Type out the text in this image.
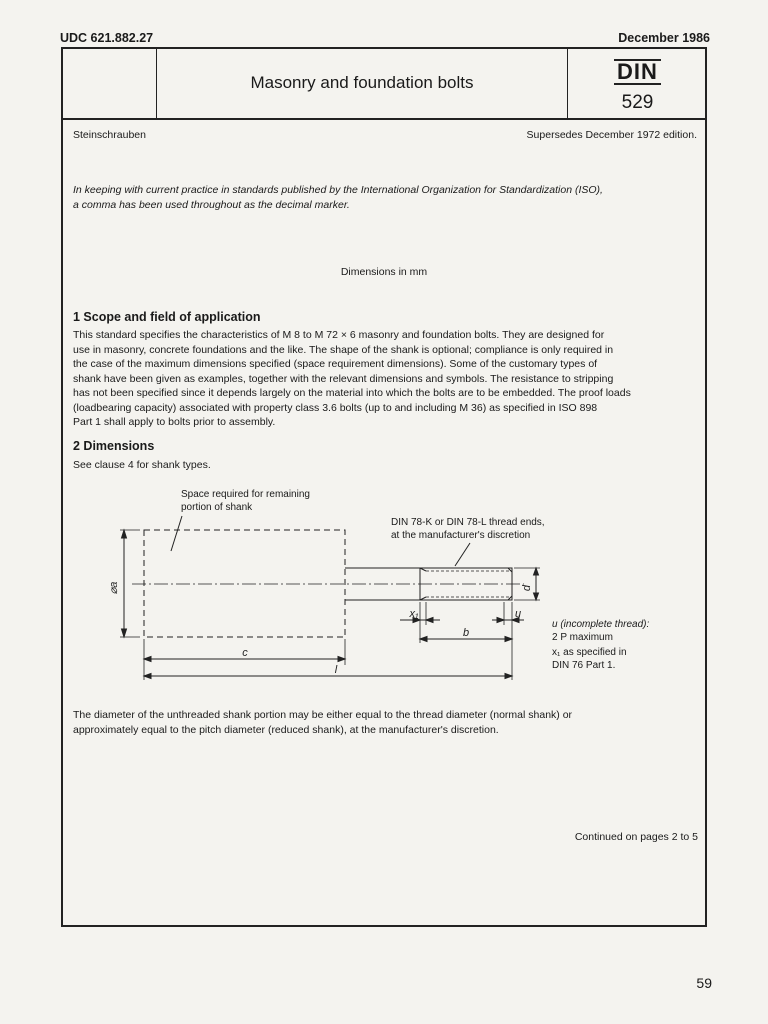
UDC 621.882.27	December 1986
Masonry and foundation bolts	DIN
529
Steinschrauben	Supersedes December 1972 edition.
In keeping with current practice in standards published by the International Organization for Standardization (ISO),
a comma has been used throughout as the decimal marker.
Dimensions in mm
1 Scope and field of application
This standard specifies the characteristics of M 8 to M 72 × 6 masonry and foundation bolts. They are designed for
use in masonry, concrete foundations and the like. The shape of the shank is optional; compliance is only required in
the case of the maximum dimensions specified (space requirement dimensions). Some of the customary types of
shank have been given as examples, together with the relevant dimensions and symbols. The resistance to stripping
has not been specified since it depends largely on the material into which the bolts are to be embedded. The proof loads
(loadbearing capacity) associated with property class 3.6 bolts (up to and including M 36) as specified in ISO 898
Part 1 shall apply to bolts prior to assembly.
2 Dimensions
See clause 4 for shank types.
Space required for remaining
portion of shank
DIN 78-K or DIN 78-L thread ends,
at the manufacturer's discretion
u (incomplete thread):
2 P maximum
x₁ as specified in
DIN 76 Part 1.
⌀a	d
x₁	u
b
c
l
The diameter of the unthreaded shank portion may be either equal to the thread diameter (normal shank) or
approximately equal to the pitch diameter (reduced shank), at the manufacturer's discretion.
Continued on pages 2 to 5
59
